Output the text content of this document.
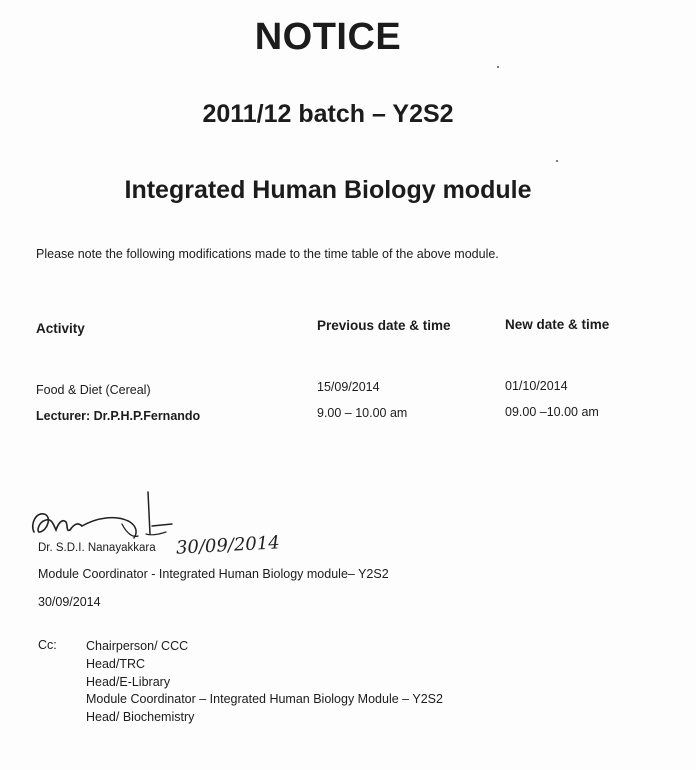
NOTICE
2011/12 batch – Y2S2
Integrated Human Biology module
Please note the following modifications made to the time table of the above module.
Activity	Previous date & time	New date & time
Food & Diet (Cereal)	15/09/2014	01/10/2014
Lecturer: Dr.P.H.P.Fernando	9.00 – 10.00 am	09.00 –10.00 am
Dr. S.D.I. Nanayakkara 30/09/2014
Module Coordinator - Integrated Human Biology module– Y2S2
30/09/2014
Cc: Chairperson/ CCC
Head/TRC
Head/E-Library
Module Coordinator – Integrated Human Biology Module – Y2S2
Head/ Biochemistry
